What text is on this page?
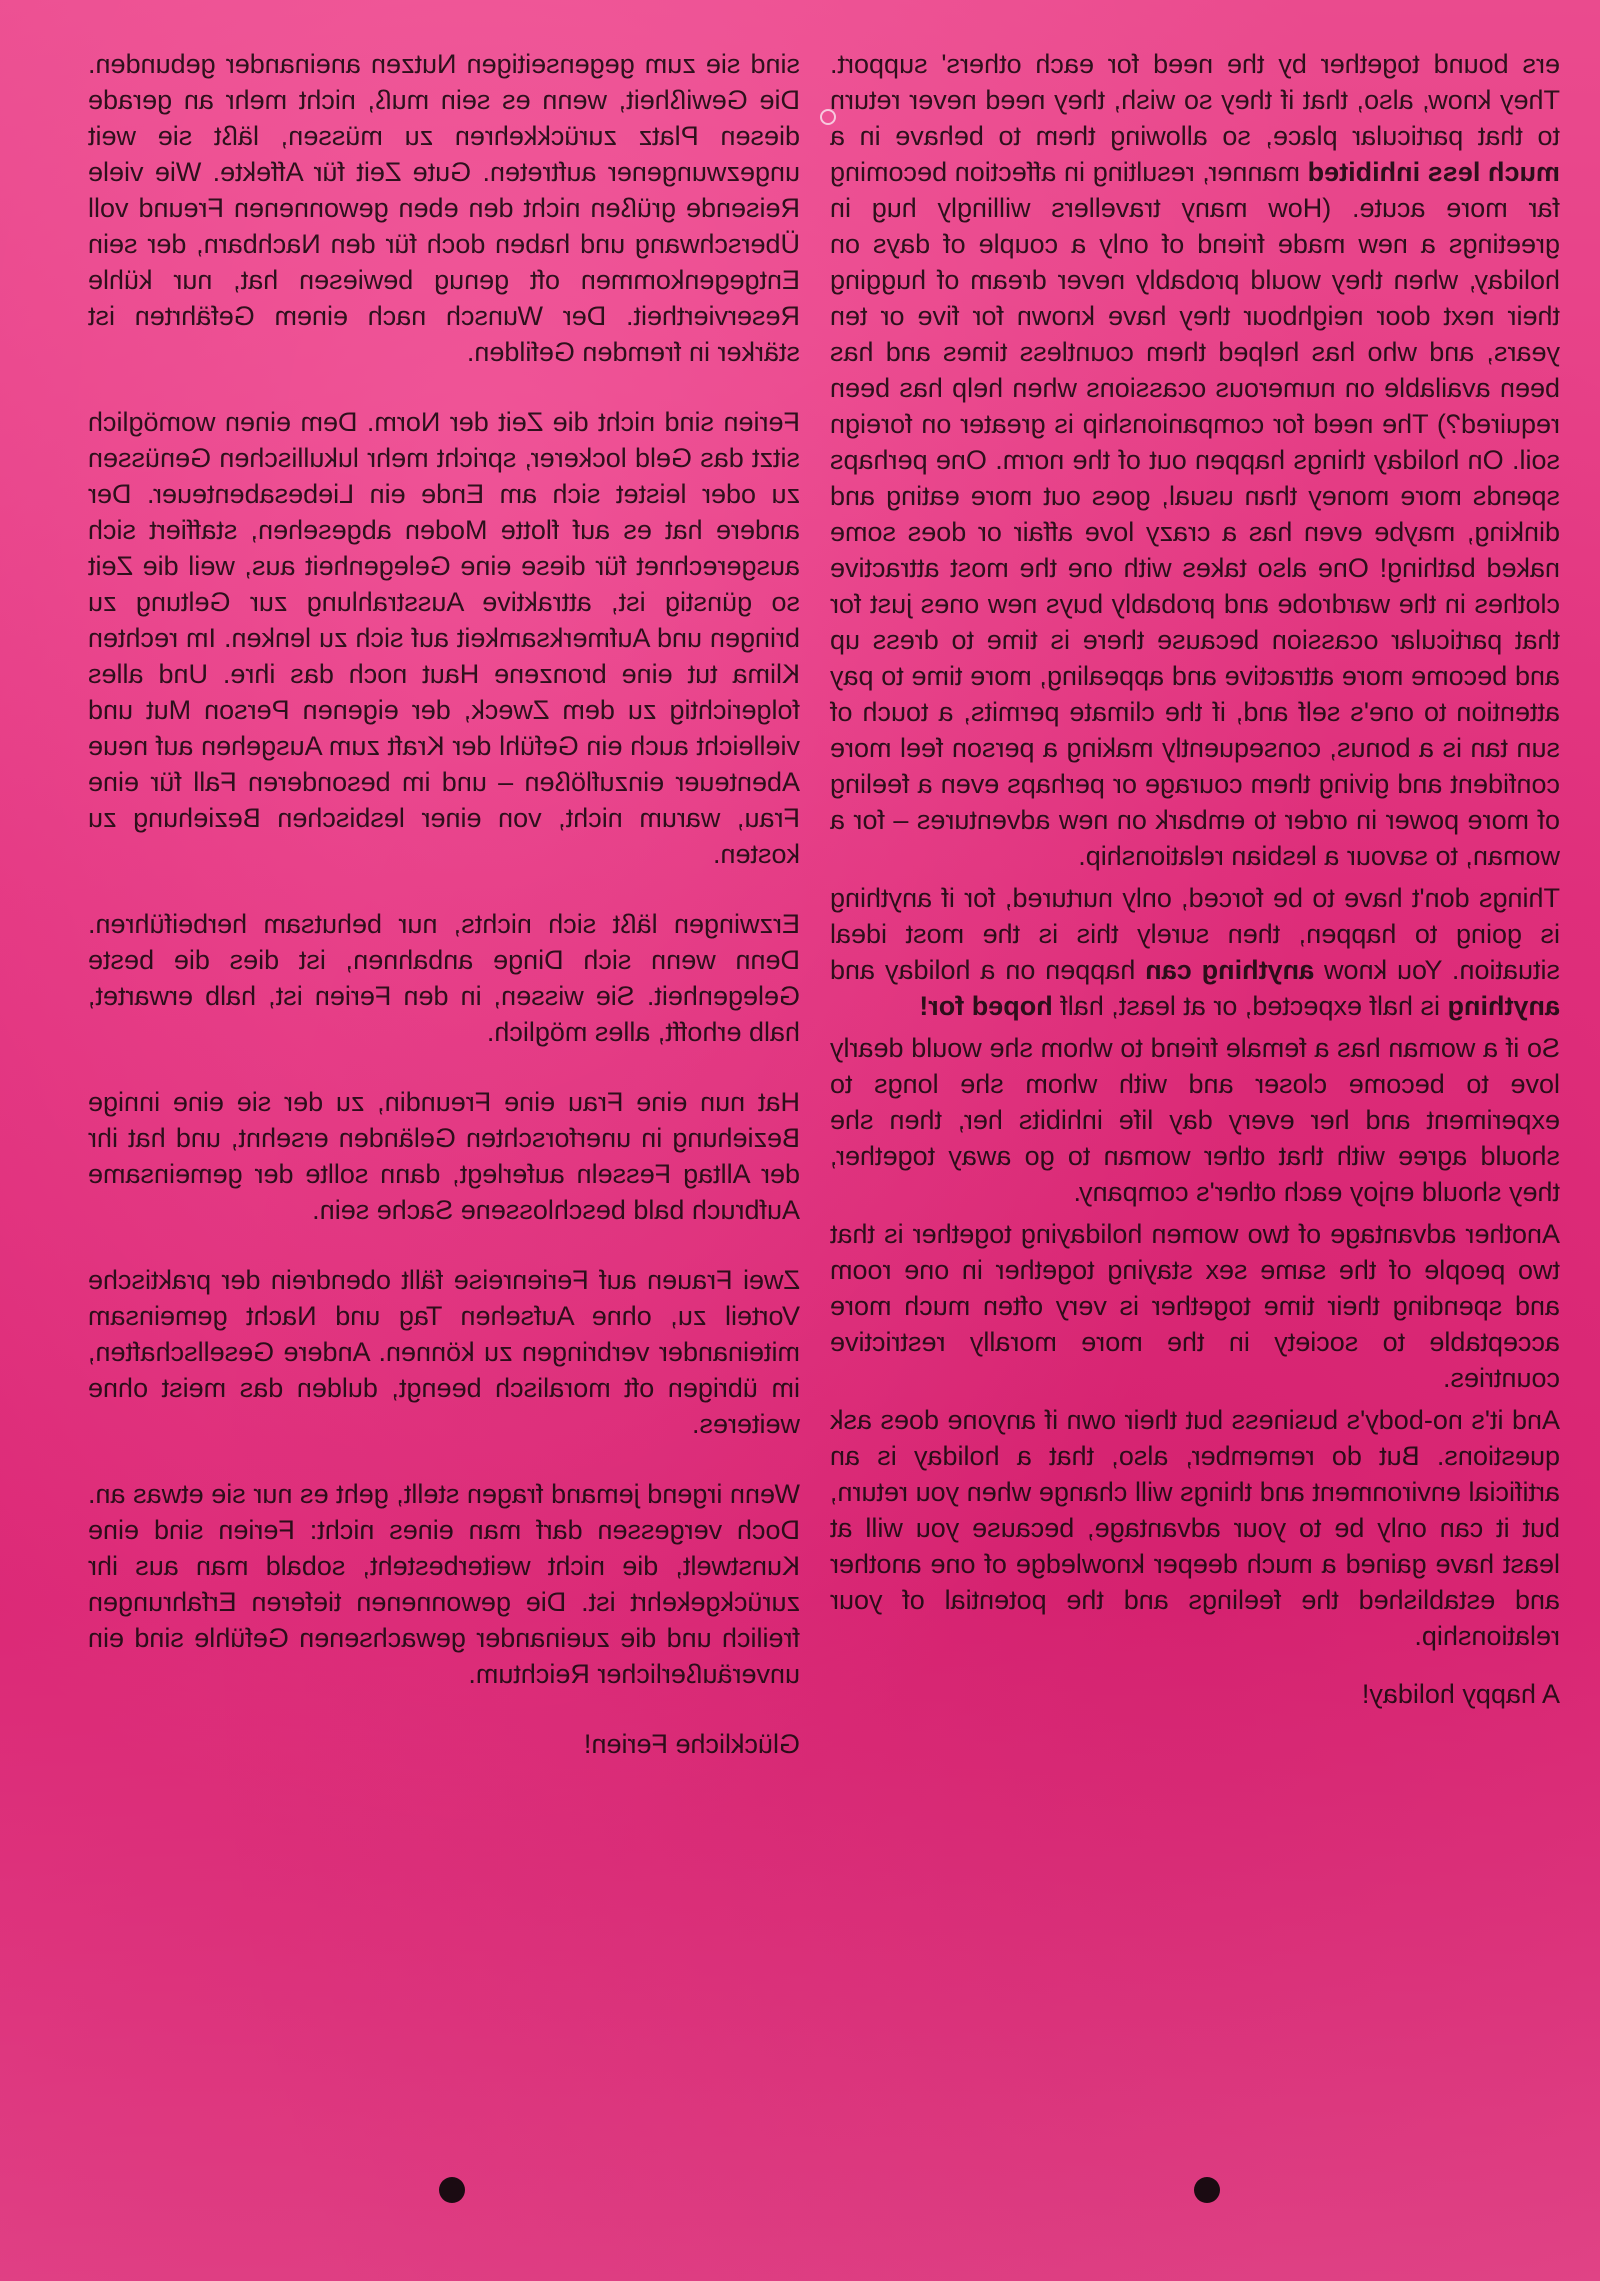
sind sie zum gegenseitigen Nutzen aneinander gebunden. Die Gewißheit, wenn es sein muß, nicht mehr an gerade diesen Platz zurückkehren zu müssen, läßt sie weit ungezwungener auftreten. Gute Zeit für Affekte. Wie viele Reisende grüßen nicht den eben gewonnenen Freund voll Überschwang und haben doch für den Nachbarn, der sein Entgegenkommen oft genug bewiesen hat, nur kühle Reserviertheit. Der Wunsch nach einem Gefährten ist stärker in fremden Gefilden.

Ferien sind nicht die Zeit der Norm. Dem einen womöglich sitzt das Geld lockerer, spricht mehr lukullischen Genüssen zu oder leistet sich am Ende ein Liebesabenteuer. Der andere hat es auf flotte Moden abgesehen, staffiert sich ausgerechnet für diese eine Gelegenheit aus, weil die Zeit so günstig ist, attraktive Ausstrahlung zur Geltung zu bringen und Aufmerksamkeit auf sich zu lenken. Im rechten Klima tut eine bronzene Haut noch das ihre. Und alles folgerichtig zu dem Zweck, der eigenen Person Mut und vielleicht auch ein Gefühl der Kraft zum Ausgehen auf neue Abenteuer einzuflößen – und im besonderen Fall für eine Frau, warum nicht, von einer lesbischen Beziehung zu kosten.

Erzwingen läßt sich nichts, nur behutsam herbeiführen. Denn wenn sich Dinge anbahnen, ist dies die beste Gelegenheit. Sie wissen, in den Ferien ist, halb erwartet, halb erhofft, alles möglich.

Hat nun eine Frau eine Freundin, zu der sie eine innige Beziehung in unerforschten Geländen ersehnt, und hat ihr der Alltag Fesseln auferlegt, dann sollte der gemeinsame Aufbruch bald beschlossene Sache sein.

Zwei Frauen auf Ferienreise fällt obendrein der praktische Vorteil zu, ohne Aufsehen Tag und Nacht gemeinsam miteinander verbringen zu können. Andere Gesellschaften, im übrigen oft moralisch beengt, dulden das meist ohne weiteres.

Wenn irgend jemand fragen stellt, geht es nur sie etwas an. Doch vergessen darf man eines nicht: Ferien sind eine Kunstwelt, die nicht weiterbesteht, sobald man aus ihr zurückgekehrt ist. Die gewonnenen tieferen Erfahrungen freilich und die zueinander gewachsenen Gefühle sind ein unveräußerlicher Reichtum.

Glückliche Ferien!

ers bound together by the need for each others' support. They know, also, that if they so wish, they need never return to that particular place, so allowing them to behave in a much less inhibited manner, resulting in affection becoming far more acute. (How many travellers willingly hug in greetings a new made friend of only a couple of days on holiday, when they would probably never dream of hugging their next door neighbour they have known for five or ten years, and who has helped them countless times and has been available on numerous ocassions when help has been required?) The need for companionship is greater on foreign soil. On holiday things happen out of the norm. One perhaps spends more money than usual, goes out more eating and dinking, maybe even has a crazy love affair or does some naked bathing! One also takes with one the most attractive clothes in the wardrobe and probably buys new ones just for that particular ocassion because there is time to dress up and become more attractive and appealing, more time to pay attention to one's self and, if the climate permits, a touch of sun tan is a bonus, consequently making a person feel more confident and giving them courage or perhaps even a feeling of more power in order to embark on new adventures – for a woman, to savour a lesbian relationship.

Things don't have to be forced, only nurtured, for if anything is going to happen, then surely this is the most ideal situation. You know anything can happen on a holiday and anything is half expected, or at least, half hoped for!

So if a woman has a female friend to whom she would dearly love to become closer and with whom she longs to experiment and her every day life inhibits her, then she should agree with that other woman to go away together, they should enjoy each other's company.

Another advantage of two women holidaying together is that two people of the same sex staying together in one room and spending their time together is very often much more acceptable to society in the more morally restrictive countries.

And it's no-body's business but their own if anyone does ask questions. But do remember, also, that a holiday is an artificial environment and things will change when you return, but it can only be to your advantage, because you will at least have gained a much deeper knowledge of one another and established the feelings and the potential of your relationship.

A happy holiday!
